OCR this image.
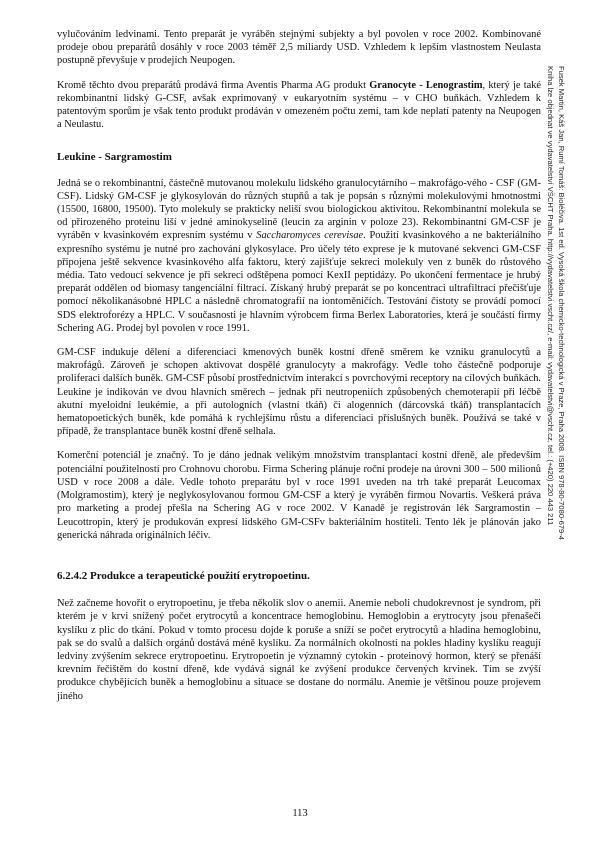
vylučováním ledvinami. Tento preparát je vyráběn stejnými subjekty a byl povolen v roce 2002. Kombinované prodeje obou preparátů dosáhly v roce 2003 téměř 2,5 miliardy USD. Vzhledem k lepším vlastnostem Neulasta postupně převyšuje v prodejích Neupogen.

Kromě těchto dvou preparátů prodává firma Aventis Pharma AG produkt Granocyte - Lenograstim, který je také rekombinantní lidský G-CSF, avšak exprimovaný v eukaryotním systému – v CHO buňkách. Vzhledem k patentovým sporům je však tento produkt prodáván v omezeném počtu zemí, tam kde neplatí patenty na Neupogen a Neulastu.

Leukine - Sargramostim

Jedná se o rekombinantní, částečně mutovanou molekulu lidského granulocytárního – makrofágo-vého - CSF (GM-CSF). Lidský GM-CSF je glykosylován do různých stupňů a tak je popsán s různými molekulovými hmotnostmi (15500, 16800, 19500). Tyto molekuly se prakticky neliší svou biologickou aktivitou. Rekombinantní molekula se od přirozeného proteinu liší v jedné aminokyselině (leucin za arginin v poloze 23). Rekombinantní GM-CSF je vyráběn v kvasinkovém expresním systému v Saccharomyces cerevisae. Použití kvasinkového a ne bakteriálního expresního systému je nutné pro zachování glykosylace. Pro účely této exprese je k mutované sekvenci GM-CSF připojena ještě sekvence kvasinkového alfa faktoru, který zajišťuje sekreci molekuly ven z buněk do růstového média. Tato vedoucí sekvence je při sekreci odštěpena pomocí KexII peptidázy. Po ukončení fermentace je hrubý preparát oddělen od biomasy tangenciální filtrací. Získaný hrubý preparát se po koncentraci ultrafiltrací přečišťuje pomocí několikanásobné HPLC a následně chromatografií na iontoměničích. Testování čistoty se provádí pomocí SDS elektroforézy a HPLC. V současnosti je hlavním výrobcem firma Berlex Laboratories, která je součástí firmy Schering AG. Prodej byl povolen v roce 1991.

GM-CSF indukuje dělení a diferenciaci kmenových buněk kostní dřeně směrem ke vzniku granulocytů a makrofágů. Zároveň je schopen aktivovat dospělé granulocyty a makrofágy. Vedle toho částečně podporuje proliferaci dalších buněk. GM-CSF působí prostřednictvím interakcí s povrchovými receptory na cílových buňkách. Leukine je indikován ve dvou hlavních směrech – jednak při neutropeniích způsobených chemoterapií při léčbě akutní myeloidní leukémie, a při autologních (vlastní tkáň) či alogenních (dárcovská tkáň) transplantacích hematopoetických buněk, kde pomáhá k rychlejšímu růstu a diferenciaci příslušných buněk. Používá se také v případě, že transplantace buněk kostní dřeně selhala.

Komerční potenciál je značný. To je dáno jednak velikým množstvím transplantací kostní dřeně, ale především potenciální použitelností pro Crohnovu chorobu. Firma Schering plánuje roční prodeje na úrovni 300 – 500 milionů USD v roce 2008 a dále. Vedle tohoto preparátu byl v roce 1991 uveden na trh také preparát Leucomax (Molgramostim), který je neglykosylovanou formou GM-CSF a který je vyráběn firmou Novartis. Veškerá práva pro marketing a prodej přešla na Schering AG v roce 2002. V Kanadě je registrován lék Sargramostin – Leucottropin, který je produkován expresí lidského GM-CSFv bakteriálním hostiteli. Tento lék je plánován jako generická náhrada originálních léčiv.

6.2.4.2 Produkce a terapeutické použití erytropoetinu.

Než začneme hovořit o erytropoetinu, je třeba několik slov o anemii. Anemie neboli chudokrevnost je syndrom, při kterém je v krvi snížený počet erytrocytů a koncentrace hemoglobinu. Hemoglobin a erytrocyty jsou přenašeči kyslíku z plic do tkání. Pokud v tomto procesu dojde k poruše a sníží se počet erytrocytů a hladina hemoglobinu, pak se do svalů a dalších orgánů dostává méně kyslíku. Za normálních okolností na pokles hladiny kyslíku reagují ledviny zvýšením sekrece erytropoetinu. Erytropoetin je významný cytokin - proteinový hormon, který se přenáší krevním řečištěm do kostní dřeně, kde vydává signál ke zvýšení produkce červených krvinek. Tím se zvýší produkce chybějících buněk a hemoglobinu a situace se dostane do normálu. Anemie je většinou pouze projevem jiného

113
Fusek Martin, Káš Jan, Rumí Tomáš: Bioléčiva. 1st ed. Vysoká škola chemicko-technologická v Praze, Praha 2008. ISBN 978-80-7080-679-4
Kniha lze objednat ve vydavatelství VŠCHT Praha. http://vydavatelstvi.vscht.cz/, e-mail: vydavatelstvi@vscht.cz, tel.: (+420) 220 443 211
